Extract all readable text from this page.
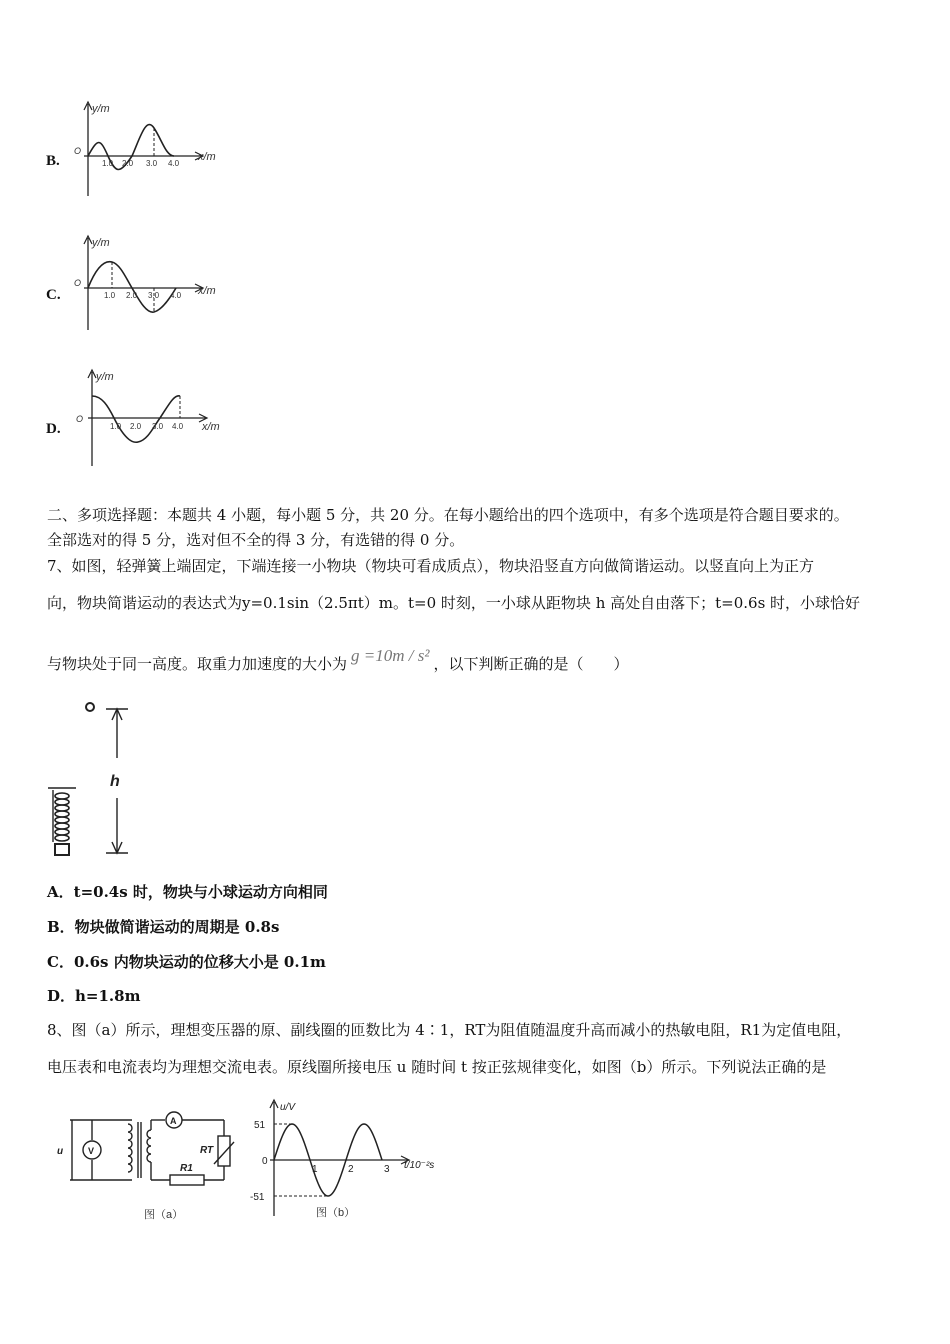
B.
y/m
O	x/m
1.0 2.0 3.0 4.0
C.
y/m
O
x/m
1.0 2.0 3.0 4.0
D.
y/m
O
x/m
1.0 2.0 3.0 4.0
二、多项选择题：本题共 4 小题，每小题 5 分，共 20 分。在每小题给出的四个选项中，有多个选项是符合题目要求的。
全部选对的得 5 分，选对但不全的得 3 分，有选错的得 0 分。
7、如图，轻弹簧上端固定，下端连接一小物块（物块可看成质点），物块沿竖直方向做简谐运动。以竖直向上为正方
向，物块简谐运动的表达式为y=0.1sin（2.5πt）m。t=0 时刻，一小球从距物块 h 高处自由落下；t=0.6s 时，小球恰好
与物块处于同一高度。取重力加速度的大小为 g =10m / s² ，以下判断正确的是（　　）
h
A．t=0.4s 时，物块与小球运动方向相同
B．物块做简谐运动的周期是 0.8s
C．0.6s 内物块运动的位移大小是 0.1m
D．h=1.8m
8、图（a）所示，理想变压器的原、副线圈的匝数比为 4∶1，RT为阻值随温度升高而减小的热敏电阻，R1为定值电阻，
电压表和电流表均为理想交流电表。原线圈所接电压 u 随时间 t 按正弦规律变化，如图（b）所示。下列说法正确的是
u	V
A
RT
R1
图（a）
u/V
t/10⁻²s
0
51
-51
1	2	3
图（b）
